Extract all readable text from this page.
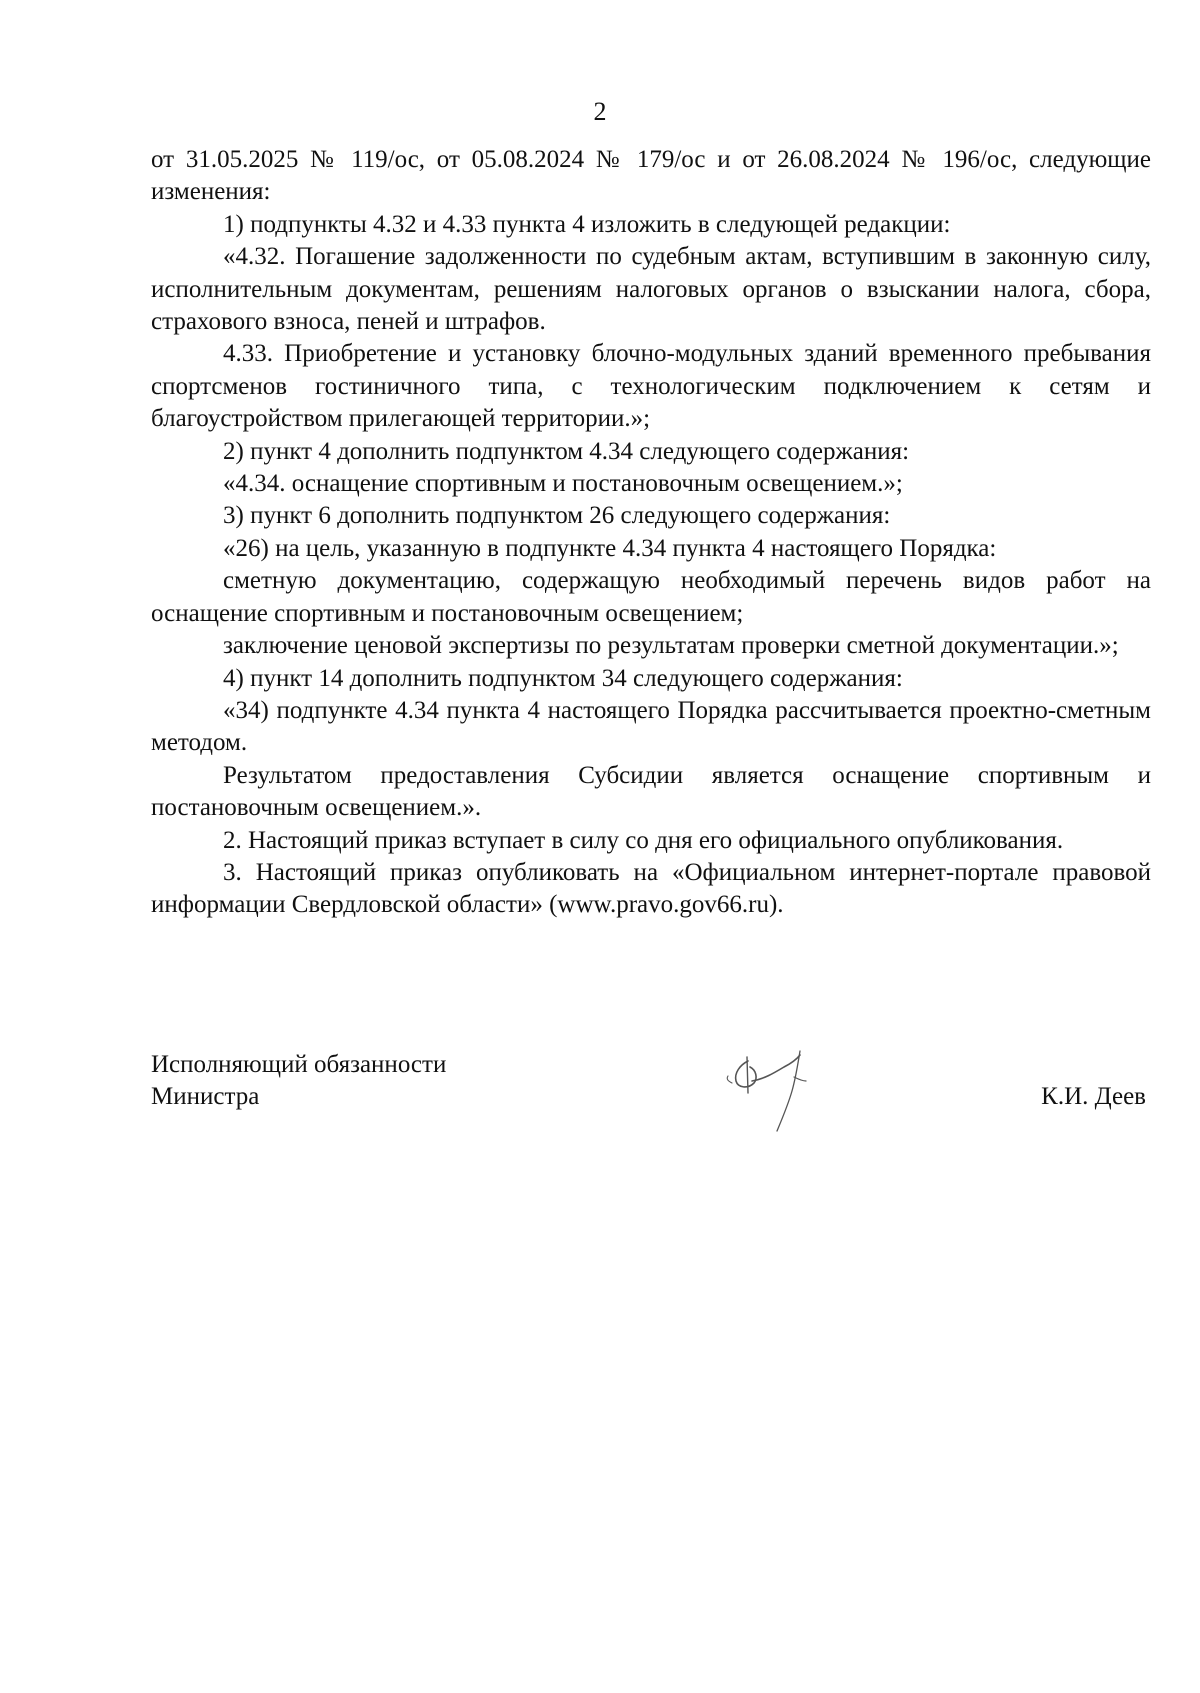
2

от 31.05.2025 № 119/ос, от 05.08.2024 № 179/ос и от 26.08.2024 № 196/ос, следующие изменения:

1) подпункты 4.32 и 4.33 пункта 4 изложить в следующей редакции:

«4.32. Погашение задолженности по судебным актам, вступившим в законную силу, исполнительным документам, решениям налоговых органов о взыскании налога, сбора, страхового взноса, пеней и штрафов.

4.33. Приобретение и установку блочно-модульных зданий временного пребывания спортсменов гостиничного типа, с технологическим подключением к сетям и благоустройством прилегающей территории.»;

2) пункт 4 дополнить подпунктом 4.34 следующего содержания:

«4.34. оснащение спортивным и постановочным освещением.»;

3) пункт 6 дополнить подпунктом 26 следующего содержания:

«26) на цель, указанную в подпункте 4.34 пункта 4 настоящего Порядка:

сметную документацию, содержащую необходимый перечень видов работ на оснащение спортивным и постановочным освещением;

заключение ценовой экспертизы по результатам проверки сметной документации.»;

4) пункт 14 дополнить подпунктом 34 следующего содержания:

«34) подпункте 4.34 пункта 4 настоящего Порядка рассчитывается проектно-сметным методом.

Результатом предоставления Субсидии является оснащение спортивным и постановочным освещением.».

2. Настоящий приказ вступает в силу со дня его официального опубликования.

3. Настоящий приказ опубликовать на «Официальном интернет-портале правовой информации Свердловской области» (www.pravo.gov66.ru).

Исполняющий обязанности
Министра	К.И. Деев
